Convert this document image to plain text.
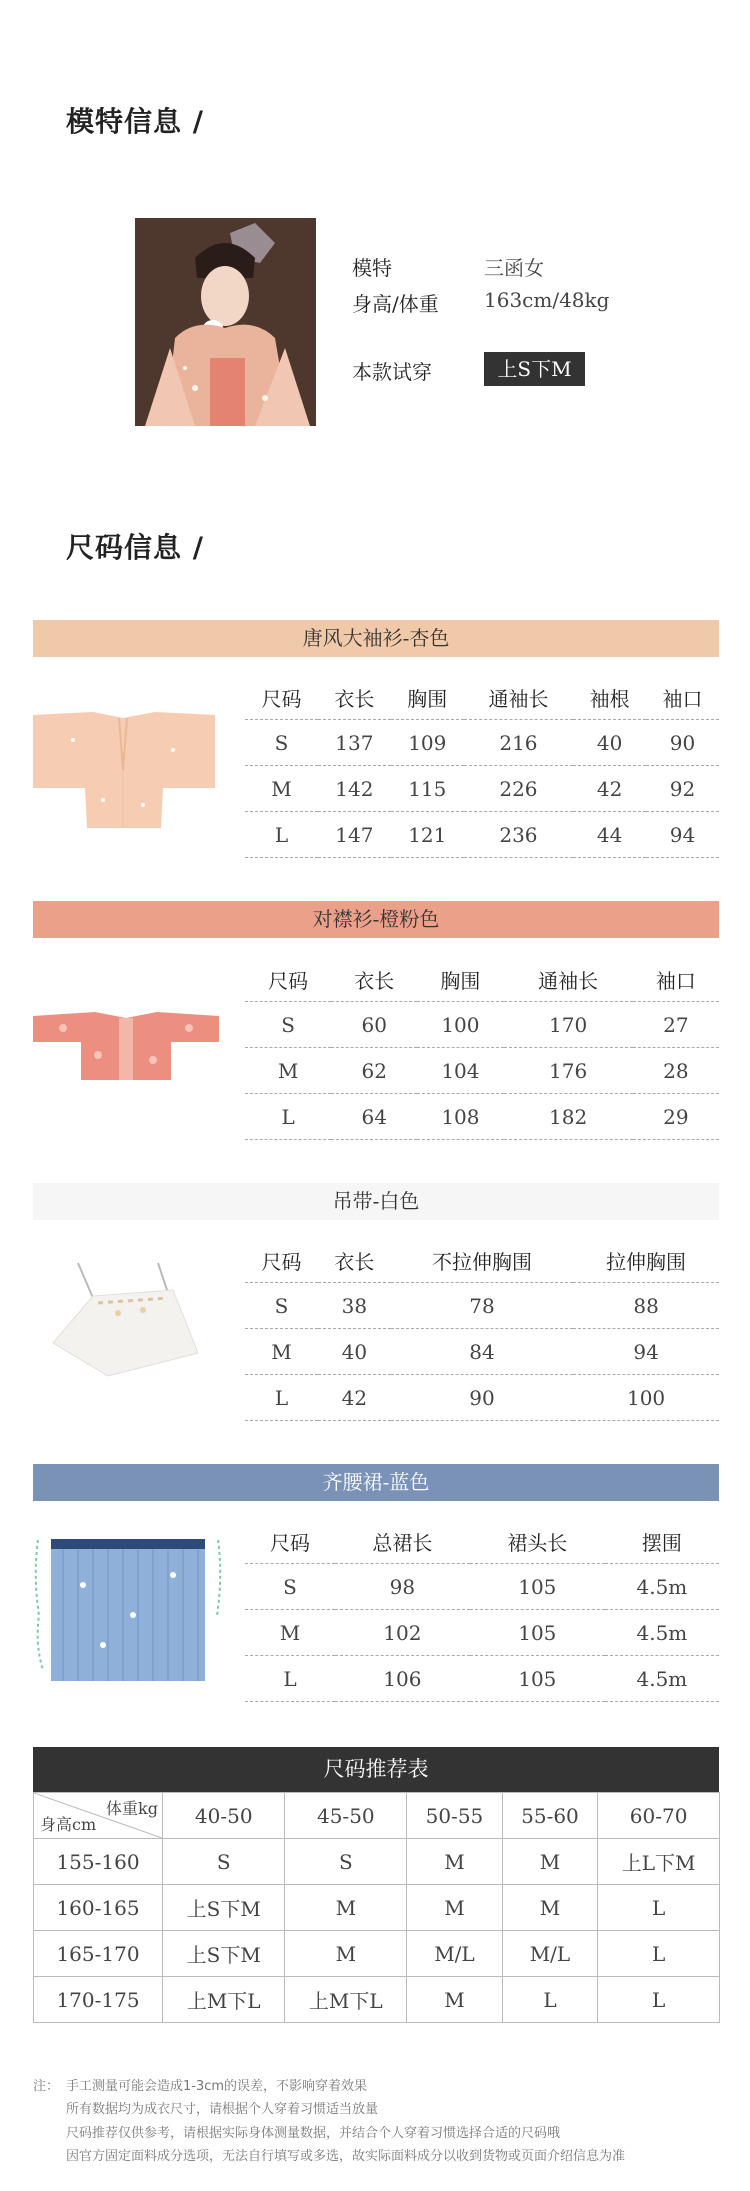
模特信息 /
模特	三函女
身高/体重 163cm/48kg
本款试穿	上S下M
尺码信息 /
唐风大袖衫-杏色
尺码	衣长	胸围	通袖长	袖根	袖口
S	137	109	216	40	90
M	142	115	226	42	92
L	147	121	236	44	94
对襟衫-橙粉色
尺码	衣长	胸围	通袖长	袖口
S	60	100	170	27
M	62	104	176	28
L	64	108	182	29
吊带-白色
尺码	衣长	不拉伸胸围	拉伸胸围
S	38	78	88
M	40	84	94
L	42	90	100
齐腰裙-蓝色
尺码	总裙长	裙头长	摆围
S	98	105	4.5m
M	102	105	4.5m
L	106	105	4.5m
尺码推荐表
体重kg
身高cm	40-50	45-50	50-55	55-60	60-70
155-160	S	S	M	M	上L下M
160-165	上S下M	M	M	M	L
165-170	上S下M	M	M/L	M/L	L
170-175	上M下L	上M下L	M	L	L
注： 手工测量可能会造成1-3cm的误差，不影响穿着效果
所有数据均为成衣尺寸，请根据个人穿着习惯适当放量
尺码推荐仅供参考，请根据实际身体测量数据，并结合个人穿着习惯选择合适的尺码哦
因官方固定面料成分选项，无法自行填写或多选，故实际面料成分以收到货物或页面介绍信息为准
